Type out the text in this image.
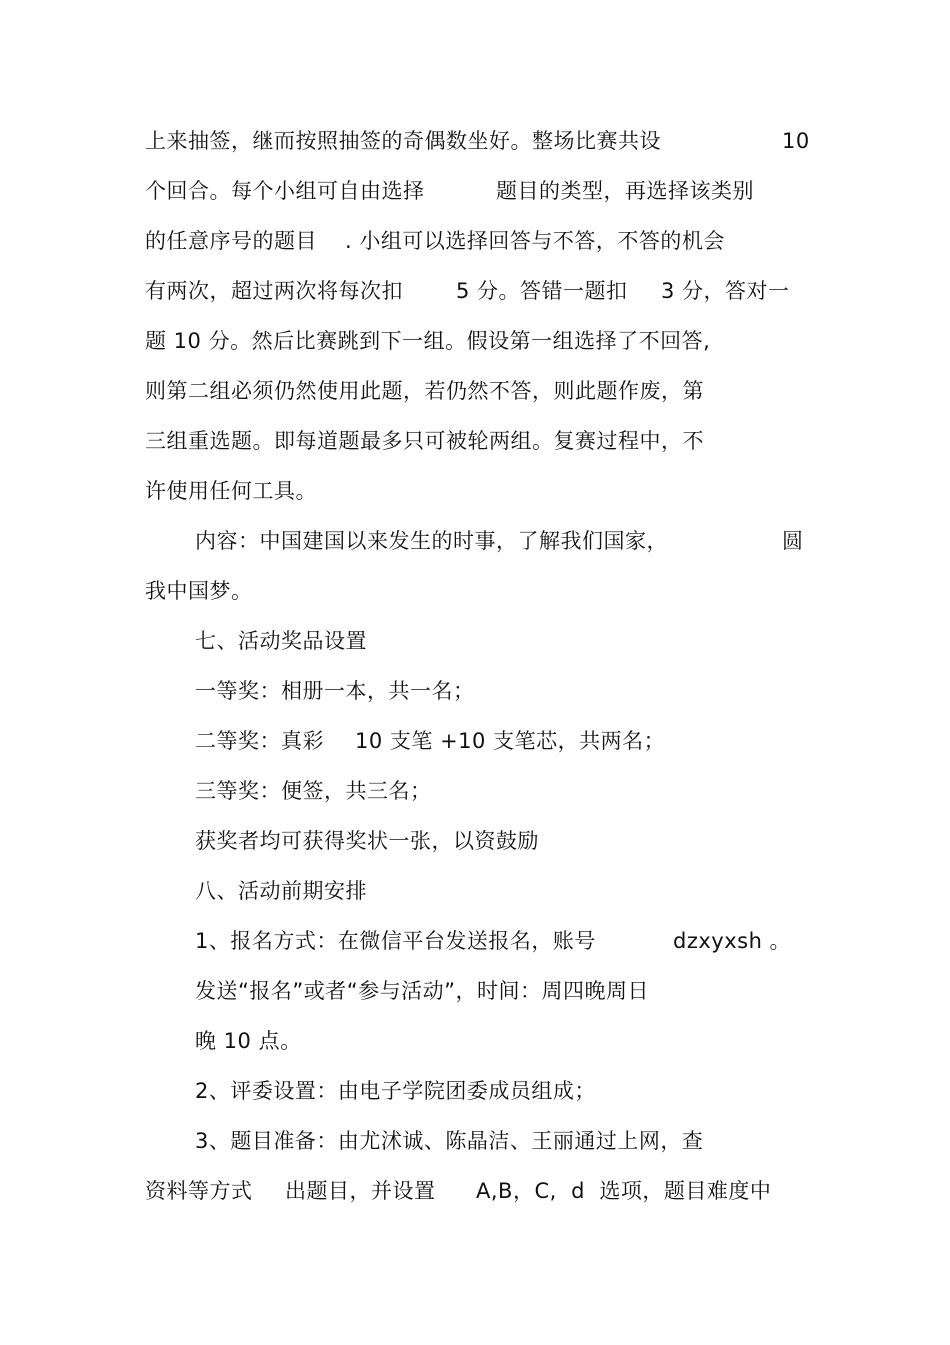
上来抽签，继而按照抽签的奇偶数坐好。整场比赛共设	10
个回合。每个小组可自由选择	题目的类型，再选择该类别
的任意序号的题目 . 小组可以选择回答与不答，不答的机会
有两次，超过两次将每次扣	5 分。答错一题扣 3 分，答对一
题 10 分。然后比赛跳到下一组。假设第一组选择了不回答,
则第二组必须仍然使用此题，若仍然不答，则此题作废，第
三组重选题。即每道题最多只可被轮两组。复赛过程中，不
许使用任何工具。
内容：中国建国以来发生的时事，了解我们国家，	圆
我中国梦。
七、活动奖品设置
一等奖：相册一本，共一名；
二等奖：真彩 10 支笔 +10 支笔芯，共两名；
三等奖：便签，共三名；
获奖者均可获得奖状一张，以资鼓励
八、活动前期安排
1、报名方式：在微信平台发送报名，账号	dzxyxsh 。
发送“报名”或者“参与活动”，时间：周四晚周日
晚 10 点。
2、评委设置：由电子学院团委成员组成；
3、题目准备：由尤沭诚、陈晶洁、王丽通过上网，查
资料等方式 出题目，并设置 A,B，C,  d  选项，题目难度中
